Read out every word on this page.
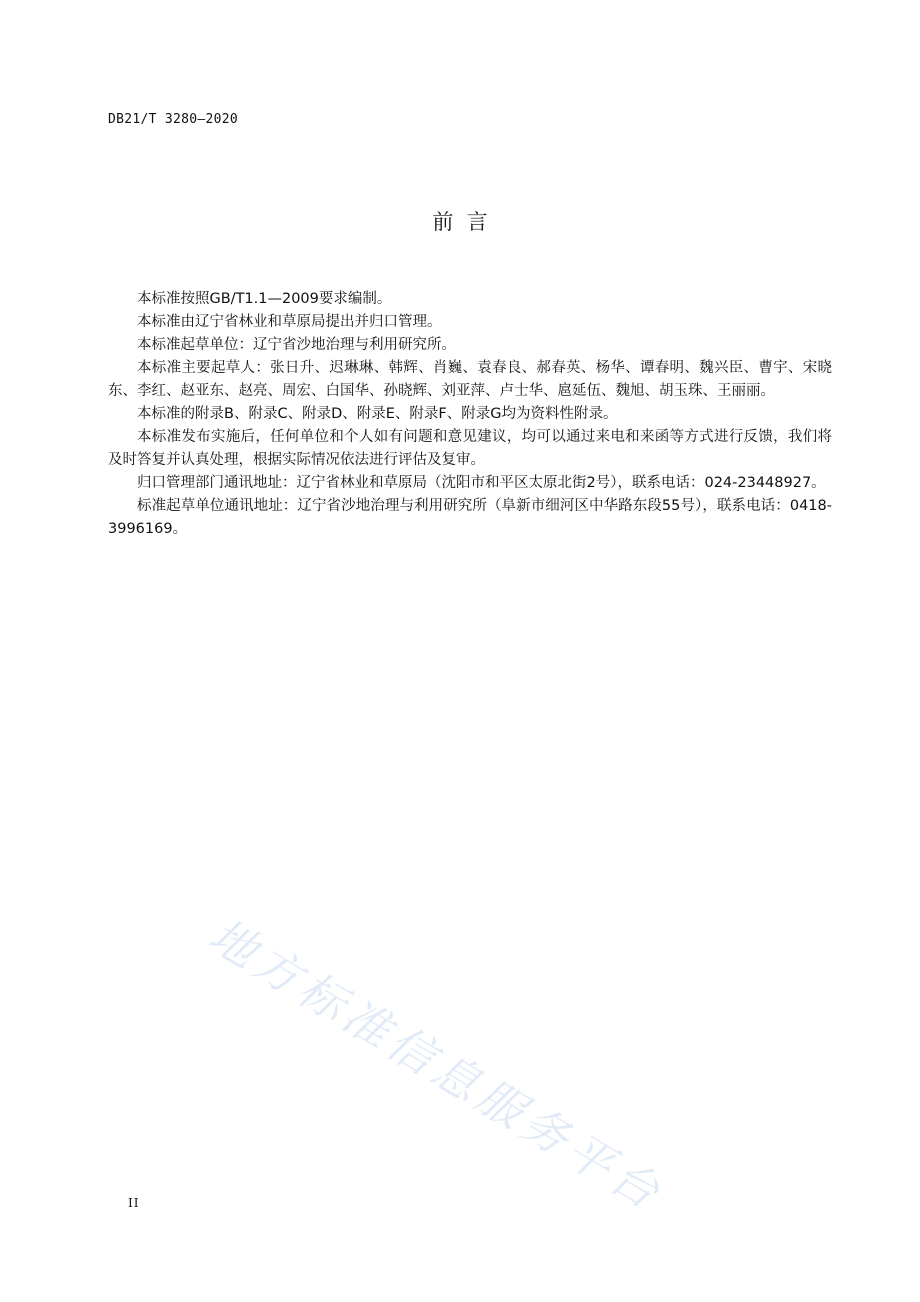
DB21/T 3280—2020
前  言

本标准按照GB/T1.1—2009要求编制。

本标准由辽宁省林业和草原局提出并归口管理。

本标准起草单位：辽宁省沙地治理与利用研究所。

本标准主要起草人：张日升、迟琳琳、韩辉、肖巍、袁春良、郝春英、杨华、谭春明、魏兴臣、曹宇、宋晓东、李红、赵亚东、赵亮、周宏、白国华、孙晓辉、刘亚萍、卢士华、扈延伍、魏旭、胡玉珠、王丽丽。

本标准的附录B、附录C、附录D、附录E、附录F、附录G均为资料性附录。

本标准发布实施后，任何单位和个人如有问题和意见建议，均可以通过来电和来函等方式进行反馈，我们将及时答复并认真处理，根据实际情况依法进行评估及复审。

归口管理部门通讯地址：辽宁省林业和草原局（沈阳市和平区太原北街2号），联系电话：024-23448927。

标准起草单位通讯地址：辽宁省沙地治理与利用研究所（阜新市细河区中华路东段55号），联系电话：0418-3996169。

地方标准信息服务平台
II
